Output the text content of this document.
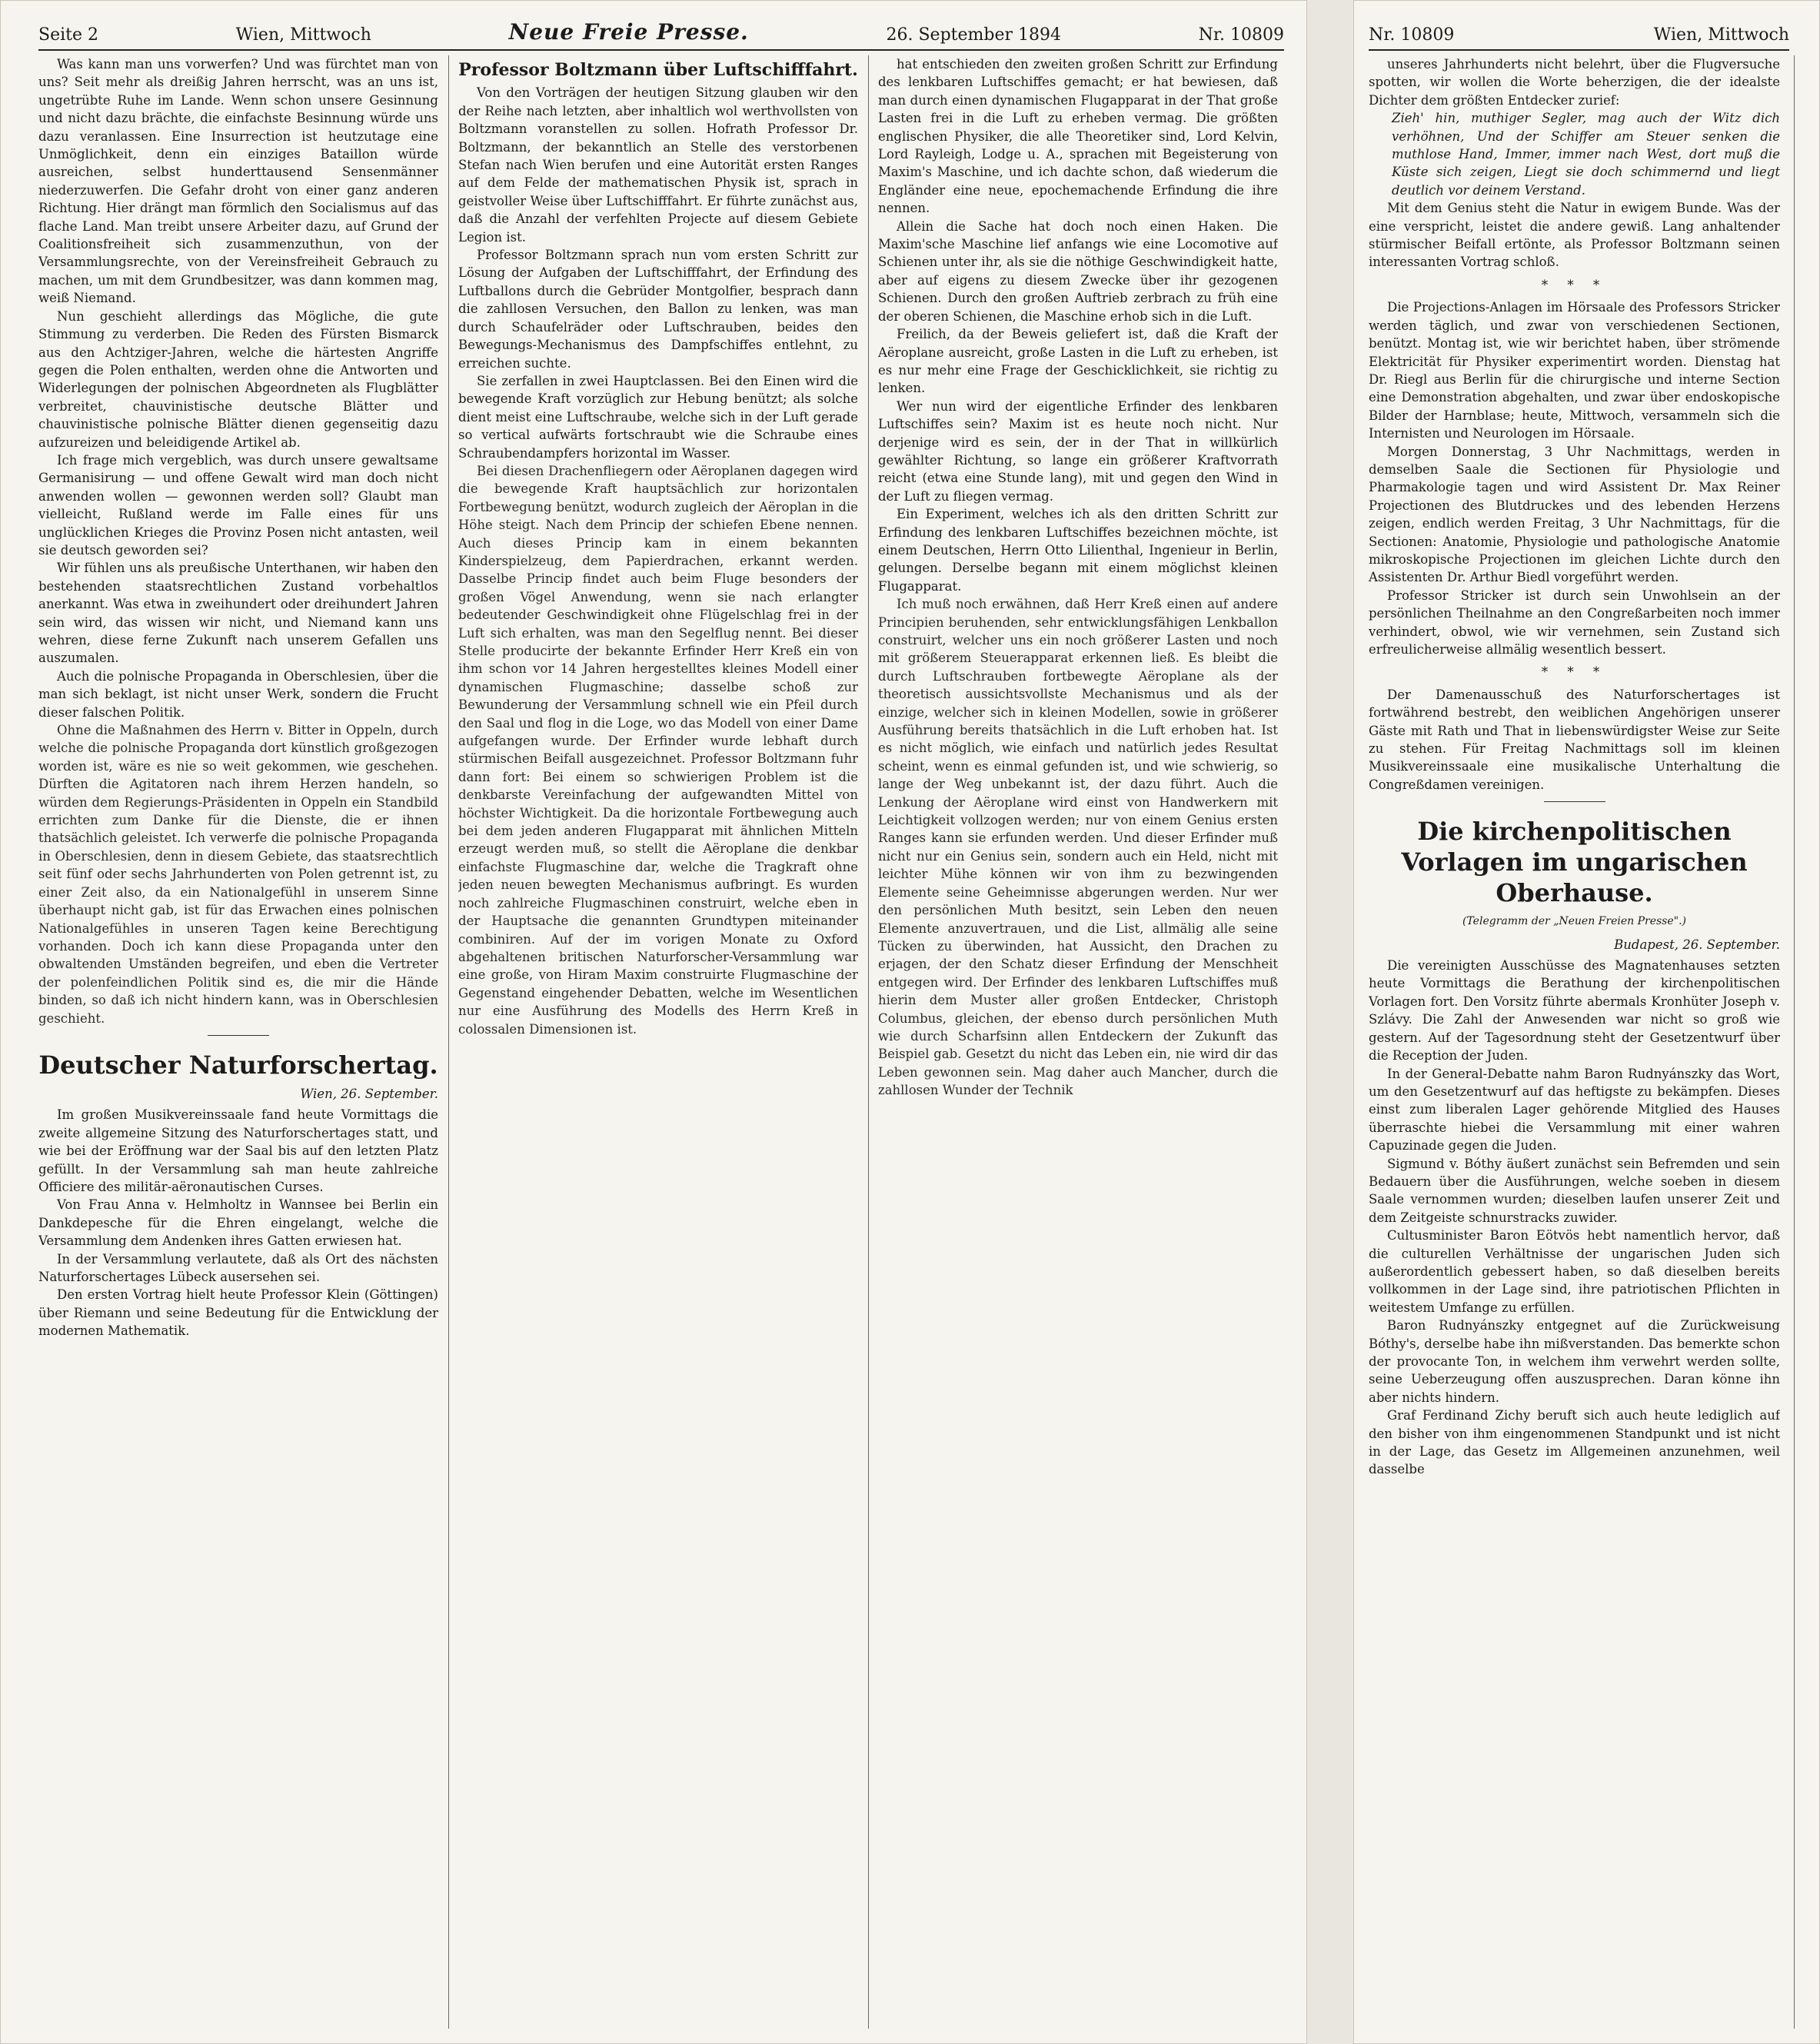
Seite 2	Wien, Mittwoch	Neue Freie Presse.	26. September 1894	Nr. 10809

Was kann man uns vorwerfen? Und was fürchtet man von uns? Seit mehr als dreißig Jahren herrscht, was an uns ist, ungetrübte Ruhe im Lande. Wenn schon unsere Gesinnung und nicht dazu brächte, die einfachste Besinnung würde uns dazu veranlassen. Eine Insurrection ist heutzutage eine Unmöglichkeit, denn ein einziges Bataillon würde ausreichen, selbst hunderttausend Sensenmänner niederzuwerfen. Die Gefahr droht von einer ganz anderen Richtung. Hier drängt man förmlich den Socialismus auf das flache Land. Man treibt unsere Arbeiter dazu, auf Grund der Coalitionsfreiheit sich zusammenzuthun, von der Versammlungsrechte, von der Vereinsfreiheit Gebrauch zu machen, um mit dem Grundbesitzer, was dann kommen mag, weiß Niemand.

Nun geschieht allerdings das Mögliche, die gute Stimmung zu verderben. Die Reden des Fürsten Bismarck aus den Achtziger-Jahren, welche die härtesten Angriffe gegen die Polen enthalten, werden ohne die Antworten und Widerlegungen der polnischen Abgeordneten als Flugblätter verbreitet, chauvinistische deutsche Blätter und chauvinistische polnische Blätter dienen gegenseitig dazu aufzureizen und beleidigende Artikel ab.

Ich frage mich vergeblich, was durch unsere gewaltsame Germanisirung — und offene Gewalt wird man doch nicht anwenden wollen — gewonnen werden soll? Glaubt man vielleicht, Rußland werde im Falle eines für uns unglücklichen Krieges die Provinz Posen nicht antasten, weil sie deutsch geworden sei?

Wir fühlen uns als preußische Unterthanen, wir haben den bestehenden staatsrechtlichen Zustand vorbehaltlos anerkannt. Was etwa in zweihundert oder dreihundert Jahren sein wird, das wissen wir nicht, und Niemand kann uns wehren, diese ferne Zukunft nach unserem Gefallen uns auszumalen.

Auch die polnische Propaganda in Oberschlesien, über die man sich beklagt, ist nicht unser Werk, sondern die Frucht dieser falschen Politik.

Ohne die Maßnahmen des Herrn v. Bitter in Oppeln, durch welche die polnische Propaganda dort künstlich großgezogen worden ist, wäre es nie so weit gekommen, wie geschehen. Dürften die Agitatoren nach ihrem Herzen handeln, so würden dem Regierungs-Präsidenten in Oppeln ein Standbild errichten zum Danke für die Dienste, die er ihnen thatsächlich geleistet. Ich verwerfe die polnische Propaganda in Oberschlesien, denn in diesem Gebiete, das staatsrechtlich seit fünf oder sechs Jahrhunderten von Polen getrennt ist, zu einer Zeit also, da ein Nationalgefühl in unserem Sinne überhaupt nicht gab, ist für das Erwachen eines polnischen Nationalgefühles in unseren Tagen keine Berechtigung vorhanden. Doch ich kann diese Propaganda unter den obwaltenden Umständen begreifen, und eben die Vertreter der polenfeindlichen Politik sind es, die mir die Hände binden, so daß ich nicht hindern kann, was in Oberschlesien geschieht.

Deutscher Naturforschertag.
Wien, 26. September.

Im großen Musikvereinssaale fand heute Vormittags die zweite allgemeine Sitzung des Naturforschertages statt, und wie bei der Eröffnung war der Saal bis auf den letzten Platz gefüllt. In der Versammlung sah man heute zahlreiche Officiere des militär-aëronautischen Curses.

Von Frau Anna v. Helmholtz in Wannsee bei Berlin ein Dankdepesche für die Ehren eingelangt, welche die Versammlung dem Andenken ihres Gatten erwiesen hat.

In der Versammlung verlautete, daß als Ort des nächsten Naturforschertages Lübeck ausersehen sei.

Den ersten Vortrag hielt heute Professor Klein (Göttingen) über Riemann und seine Bedeutung für die Entwicklung der modernen Mathematik.

Professor Boltzmann über Luftschifffahrt.

Von den Vorträgen der heutigen Sitzung glauben wir den der Reihe nach letzten, aber inhaltlich wol werthvollsten von Boltzmann voranstellen zu sollen. Hofrath Professor Dr. Boltzmann, der bekanntlich an Stelle des verstorbenen Stefan nach Wien berufen und eine Autorität ersten Ranges auf dem Felde der mathematischen Physik ist, sprach in geistvoller Weise über Luftschifffahrt. Er führte zunächst aus, daß die Anzahl der verfehlten Projecte auf diesem Gebiete Legion ist.

Professor Boltzmann sprach nun vom ersten Schritt zur Lösung der Aufgaben der Luftschifffahrt, der Erfindung des Luftballons durch die Gebrüder Montgolfier, besprach dann die zahllosen Versuchen, den Ballon zu lenken, was man durch Schaufelräder oder Luftschrauben, beides den Bewegungs-Mechanismus des Dampfschiffes entlehnt, zu erreichen suchte.

Sie zerfallen in zwei Hauptclassen. Bei den Einen wird die bewegende Kraft vorzüglich zur Hebung benützt; als solche dient meist eine Luftschraube, welche sich in der Luft gerade so vertical aufwärts fortschraubt wie die Schraube eines Schraubendampfers horizontal im Wasser.

Bei diesen Drachenfliegern oder Aëroplanen dagegen wird die bewegende Kraft hauptsächlich zur horizontalen Fortbewegung benützt, wodurch zugleich der Aëroplan in die Höhe steigt. Nach dem Princip der schiefen Ebene nennen. Auch dieses Princip kam in einem bekannten Kinderspielzeug, dem Papierdrachen, erkannt werden. Dasselbe Princip findet auch beim Fluge besonders der großen Vögel Anwendung, wenn sie nach erlangter bedeutender Geschwindigkeit ohne Flügelschlag frei in der Luft sich erhalten, was man den Segelflug nennt. Bei dieser Stelle producirte der bekannte Erfinder Herr Kreß ein von ihm schon vor 14 Jahren hergestelltes kleines Modell einer dynamischen Flugmaschine; dasselbe schoß zur Bewunderung der Versammlung schnell wie ein Pfeil durch den Saal und flog in die Loge, wo das Modell von einer Dame aufgefangen wurde. Der Erfinder wurde lebhaft durch stürmischen Beifall ausgezeichnet. Professor Boltzmann fuhr dann fort: Bei einem so schwierigen Problem ist die denkbarste Vereinfachung der aufgewandten Mittel von höchster Wichtigkeit. Da die horizontale Fortbewegung auch bei dem jeden anderen Flugapparat mit ähnlichen Mitteln erzeugt werden muß, so stellt die Aëroplane die denkbar einfachste Flugmaschine dar, welche die Tragkraft ohne jeden neuen bewegten Mechanismus aufbringt. Es wurden noch zahlreiche Flugmaschinen construirt, welche eben in der Hauptsache die genannten Grundtypen miteinander combiniren. Auf der im vorigen Monate zu Oxford abgehaltenen britischen Naturforscher-Versammlung war eine große, von Hiram Maxim construirte Flugmaschine der Gegenstand eingehender Debatten, welche im Wesentlichen nur eine Ausführung des Modells des Herrn Kreß in colossalen Dimensionen ist.

hat entschieden den zweiten großen Schritt zur Erfindung des lenkbaren Luftschiffes gemacht; er hat bewiesen, daß man durch einen dynamischen Flugapparat in der That große Lasten frei in die Luft zu erheben vermag. Die größten englischen Physiker, die alle Theoretiker sind, Lord Kelvin, Lord Rayleigh, Lodge u. A., sprachen mit Begeisterung von Maxim's Maschine, und ich dachte schon, daß wiederum die Engländer eine neue, epochemachende Erfindung die ihre nennen.

Allein die Sache hat doch noch einen Haken. Die Maxim'sche Maschine lief anfangs wie eine Locomotive auf Schienen unter ihr, als sie die nöthige Geschwindigkeit hatte, aber auf eigens zu diesem Zwecke über ihr gezogenen Schienen. Durch den großen Auftrieb zerbrach zu früh eine der oberen Schienen, die Maschine erhob sich in die Luft.

Freilich, da der Beweis geliefert ist, daß die Kraft der Aëroplane ausreicht, große Lasten in die Luft zu erheben, ist es nur mehr eine Frage der Geschicklichkeit, sie richtig zu lenken.

Wer nun wird der eigentliche Erfinder des lenkbaren Luftschiffes sein? Maxim ist es heute noch nicht. Nur derjenige wird es sein, der in der That in willkürlich gewählter Richtung, so lange ein größerer Kraftvorrath reicht (etwa eine Stunde lang), mit und gegen den Wind in der Luft zu fliegen vermag.

Ein Experiment, welches ich als den dritten Schritt zur Erfindung des lenkbaren Luftschiffes bezeichnen möchte, ist einem Deutschen, Herrn Otto Lilienthal, Ingenieur in Berlin, gelungen. Derselbe begann mit einem möglichst kleinen Flugapparat.

Ich muß noch erwähnen, daß Herr Kreß einen auf andere Principien beruhenden, sehr entwicklungsfähigen Lenkballon construirt, welcher uns ein noch größerer Lasten und noch mit größerem Steuerapparat erkennen ließ. Es bleibt die durch Luftschrauben fortbewegte Aëroplane als der theoretisch aussichtsvollste Mechanismus und als der einzige, welcher sich in kleinen Modellen, sowie in größerer Ausführung bereits thatsächlich in die Luft erhoben hat. Ist es nicht möglich, wie einfach und natürlich jedes Resultat scheint, wenn es einmal gefunden ist, und wie schwierig, so lange der Weg unbekannt ist, der dazu führt. Auch die Lenkung der Aëroplane wird einst von Handwerkern mit Leichtigkeit vollzogen werden; nur von einem Genius ersten Ranges kann sie erfunden werden. Und dieser Erfinder muß nicht nur ein Genius sein, sondern auch ein Held, nicht mit leichter Mühe können wir von ihm zu bezwingenden Elemente seine Geheimnisse abgerungen werden. Nur wer den persönlichen Muth besitzt, sein Leben den neuen Elemente anzuvertrauen, und die List, allmälig alle seine Tücken zu überwinden, hat Aussicht, den Drachen zu erjagen, der den Schatz dieser Erfindung der Menschheit entgegen wird. Der Erfinder des lenkbaren Luftschiffes muß hierin dem Muster aller großen Entdecker, Christoph Columbus, gleichen, der ebenso durch persönlichen Muth wie durch Scharfsinn allen Entdeckern der Zukunft das Beispiel gab. Gesetzt du nicht das Leben ein, nie wird dir das Leben gewonnen sein. Mag daher auch Mancher, durch die zahllosen Wunder der Technik

Nr. 10809	Wien, Mittwoch

unseres Jahrhunderts nicht belehrt, über die Flugversuche spotten, wir wollen die Worte beherzigen, die der idealste Dichter dem größten Entdecker zurief:

Zieh' hin, muthiger Segler, mag auch der Witz dich verhöhnen, Und der Schiffer am Steuer senken die muthlose Hand, Immer, immer nach West, dort muß die Küste sich zeigen, Liegt sie doch schimmernd und liegt deutlich vor deinem Verstand.

Mit dem Genius steht die Natur in ewigem Bunde. Was der eine verspricht, leistet die andere gewiß. Lang anhaltender stürmischer Beifall ertönte, als Professor Boltzmann seinen interessanten Vortrag schloß.

* * *

Die Projections-Anlagen im Hörsaale des Professors Stricker werden täglich, und zwar von verschiedenen Sectionen, benützt. Montag ist, wie wir berichtet haben, über strömende Elektricität für Physiker experimentirt worden. Dienstag hat Dr. Riegl aus Berlin für die chirurgische und interne Section eine Demonstration abgehalten, und zwar über endoskopische Bilder der Harnblase; heute, Mittwoch, versammeln sich die Internisten und Neurologen im Hörsaale.

Morgen Donnerstag, 3 Uhr Nachmittags, werden in demselben Saale die Sectionen für Physiologie und Pharmakologie tagen und wird Assistent Dr. Max Reiner Projectionen des Blutdruckes und des lebenden Herzens zeigen, endlich werden Freitag, 3 Uhr Nachmittags, für die Sectionen: Anatomie, Physiologie und pathologische Anatomie mikroskopische Projectionen im gleichen Lichte durch den Assistenten Dr. Arthur Biedl vorgeführt werden.

Professor Stricker ist durch sein Unwohlsein an der persönlichen Theilnahme an den Congreßarbeiten noch immer verhindert, obwol, wie wir vernehmen, sein Zustand sich erfreulicherweise allmälig wesentlich bessert.

* * *

Der Damenausschuß des Naturforschertages ist fortwährend bestrebt, den weiblichen Angehörigen unserer Gäste mit Rath und That in liebenswürdigster Weise zur Seite zu stehen. Für Freitag Nachmittags soll im kleinen Musikvereinssaale eine musikalische Unterhaltung die Congreßdamen vereinigen.

Die kirchenpolitischen Vorlagen im ungarischen Oberhause.
(Telegramm der „Neuen Freien Presse".)
Budapest, 26. September.

Die vereinigten Ausschüsse des Magnatenhauses setzten heute Vormittags die Berathung der kirchenpolitischen Vorlagen fort. Den Vorsitz führte abermals Kronhüter Joseph v. Szlávy. Die Zahl der Anwesenden war nicht so groß wie gestern. Auf der Tagesordnung steht der Gesetzentwurf über die Reception der Juden.

In der General-Debatte nahm Baron Rudnyánszky das Wort, um den Gesetzentwurf auf das heftigste zu bekämpfen. Dieses einst zum liberalen Lager gehörende Mitglied des Hauses überraschte hiebei die Versammlung mit einer wahren Capuzinade gegen die Juden.

Sigmund v. Bóthy äußert zunächst sein Befremden und sein Bedauern über die Ausführungen, welche soeben in diesem Saale vernommen wurden; dieselben laufen unserer Zeit und dem Zeitgeiste schnurstracks zuwider.

Cultusminister Baron Eötvös hebt namentlich hervor, daß die culturellen Verhältnisse der ungarischen Juden sich außerordentlich gebessert haben, so daß dieselben bereits vollkommen in der Lage sind, ihre patriotischen Pflichten in weitestem Umfange zu erfüllen.

Baron Rudnyánszky entgegnet auf die Zurückweisung Bóthy's, derselbe habe ihn mißverstanden. Das bemerkte schon der provocante Ton, in welchem ihm verwehrt werden sollte, seine Ueberzeugung offen auszusprechen. Daran könne ihn aber nichts hindern.

Graf Ferdinand Zichy beruft sich auch heute lediglich auf den bisher von ihm eingenommenen Standpunkt und ist nicht in der Lage, das Gesetz im Allgemeinen anzunehmen, weil dasselbe
